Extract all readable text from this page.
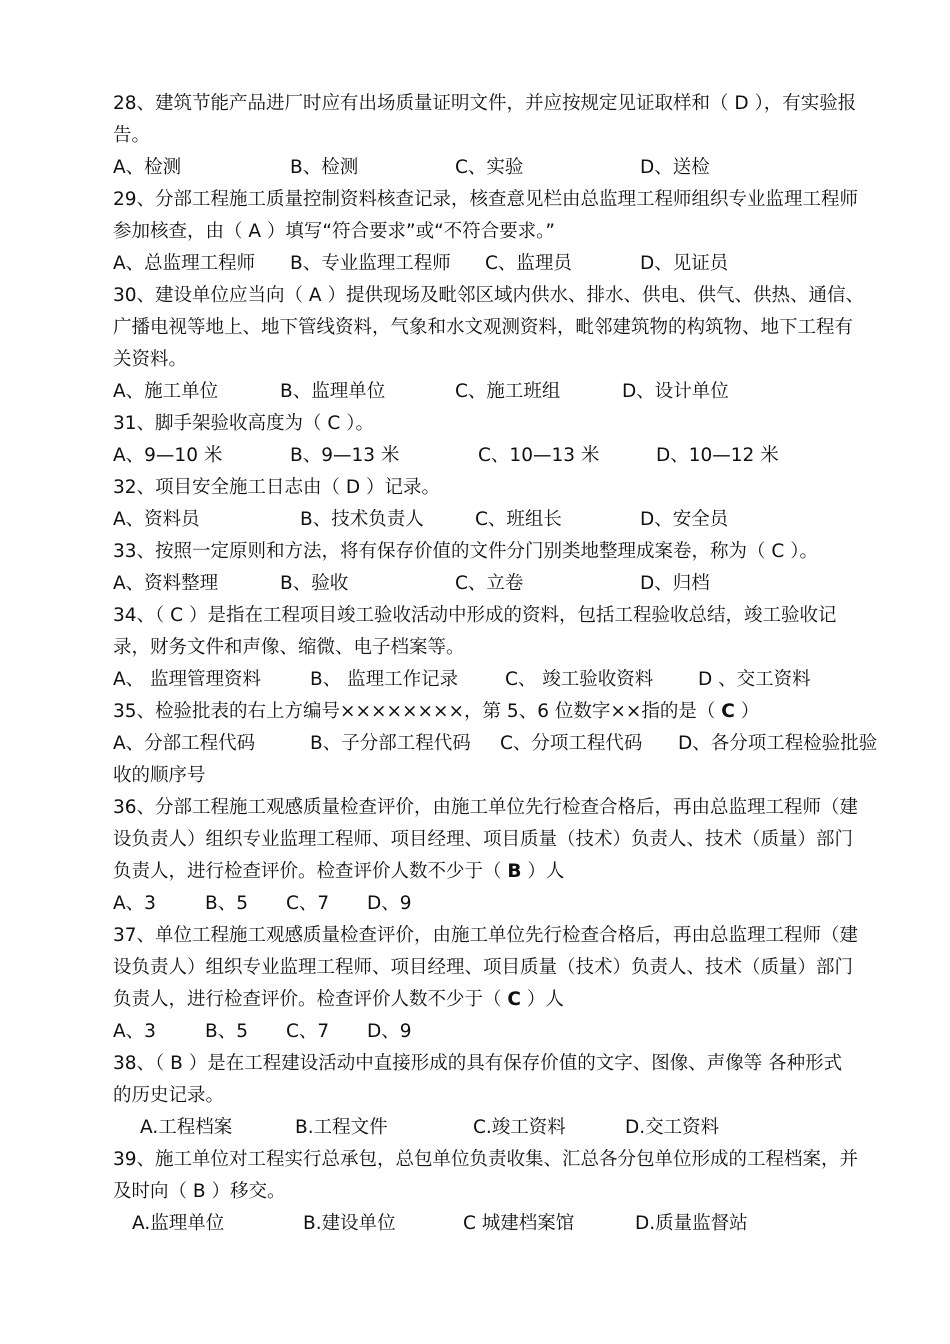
28、建筑节能产品进厂时应有出场质量证明文件，并应按规定见证取样和（ D ），有实验报
告。
A、检测	B、检测	C、实验	D、送检
29、分部工程施工质量控制资料核查记录，核查意见栏由总监理工程师组织专业监理工程师
参加核查，由（ A ）填写“符合要求”或“不符合要求。”
A、总监理工程师 B、专业监理工程师 C、监理员	D、见证员
30、建设单位应当向（ A ）提供现场及毗邻区域内供水、排水、供电、供气、供热、通信、
广播电视等地上、地下管线资料，气象和水文观测资料，毗邻建筑物的构筑物、地下工程有
关资料。
A、施工单位	B、监理单位	C、施工班组	D、设计单位
31、脚手架验收高度为（ C ）。
A、9—10 米	B、9—13 米	C、10—13 米	D、10—12 米
32、项目安全施工日志由（ D ）记录。
A、资料员	B、技术负责人	C、班组长	D、安全员
33、按照一定原则和方法，将有保存价值的文件分门别类地整理成案卷，称为（ C ）。
A、资料整理	B、验收	C、立卷	D、归档
34、（ C ）是指在工程项目竣工验收活动中形成的资料，包括工程验收总结，竣工验收记
录，财务文件和声像、缩微、电子档案等。
A、 监理管理资料	B、 监理工作记录	C、 竣工验收资料 D 、交工资料
35、检验批表的右上方编号××××××××，第 5、6 位数字××指的是（ C ）
A、分部工程代码	B、子分部工程代码 C、分项工程代码 D、各分项工程检验批验
收的顺序号
36、分部工程施工观感质量检查评价，由施工单位先行检查合格后，再由总监理工程师（建
设负责人）组织专业监理工程师、项目经理、项目质量（技术）负责人、技术（质量）部门
负责人，进行检查评价。检查评价人数不少于（ B ）人
A、3	B、5 C、7 D、9
37、单位工程施工观感质量检查评价，由施工单位先行检查合格后，再由总监理工程师（建
设负责人）组织专业监理工程师、项目经理、项目质量（技术）负责人、技术（质量）部门
负责人，进行检查评价。检查评价人数不少于（ C ）人
A、3	B、5 C、7 D、9
38、（ B ）是在工程建设活动中直接形成的具有保存价值的文字、图像、声像等 各种形式
的历史记录。
A.工程档案	B.工程文件	C.竣工资料	D.交工资料
39、施工单位对工程实行总承包，总包单位负责收集、汇总各分包单位形成的工程档案，并
及时向（ B ）移交。
A.监理单位	B.建设单位	C 城建档案馆	D.质量监督站
